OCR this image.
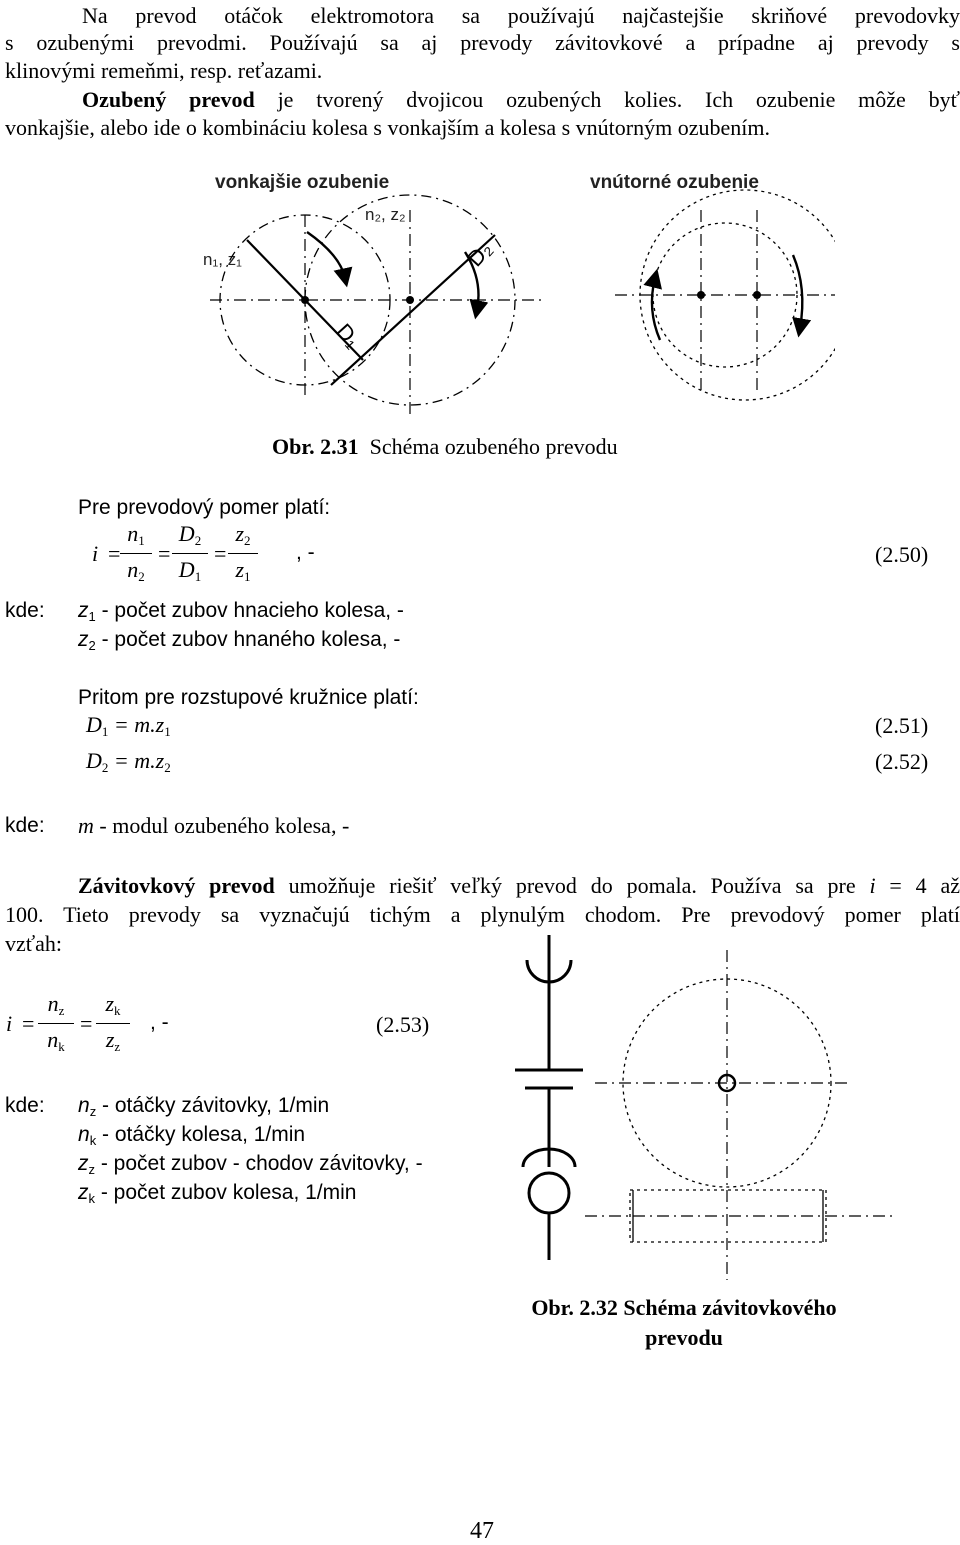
Na prevod otáčok elektromotora sa používajú najčastejšie skriňové prevodovky
s ozubenými prevodmi. Používajú sa aj prevody závitovkové a prípadne aj prevody s
klinovými remeňmi, resp. reťazami.
Ozubený prevod je tvorený dvojicou ozubených kolies. Ich ozubenie môže byť
vonkajšie, alebo ide o kombináciu kolesa s vonkajším a kolesa s vnútorným ozubením.
vonkajšie ozubenie	vnútorné ozubenie
n₂, z₂
n₁, z₁
D₁
D₂
Obr. 2.31 Schéma ozubeného prevodu
Pre prevodový pomer platí:
i =
$n_1$
$n_2$
=
$D_2$
$D_1$
=
$z_2$
$z_1$
, -	(2.50)
kde: $z_1$ - počet zubov hnacieho kolesa, -
$z_2$ - počet zubov hnaného kolesa, -
Pritom pre rozstupové kružnice platí:
$D_1 = m.z_1$	(2.51)
$D_2 = m.z_2$	(2.52)
kde: m - modul ozubeného kolesa, -
Závitovkový prevod umožňuje riešiť veľký prevod do pomala. Používa sa pre i = 4 až
100. Tieto prevody sa vyznačujú tichým a plynulým chodom. Pre prevodový pomer platí
vzťah:
i =
$n_z$
$n_k$
=
$z_k$
$z_z$
, -	(2.53)
kde: $n_z$ - otáčky závitovky, 1/min
$n_k$ - otáčky kolesa, 1/min
$z_z$ - počet zubov - chodov závitovky, -
$z_k$ - počet zubov kolesa, 1/min
Obr. 2.32 Schéma závitovkového
prevodu
47
